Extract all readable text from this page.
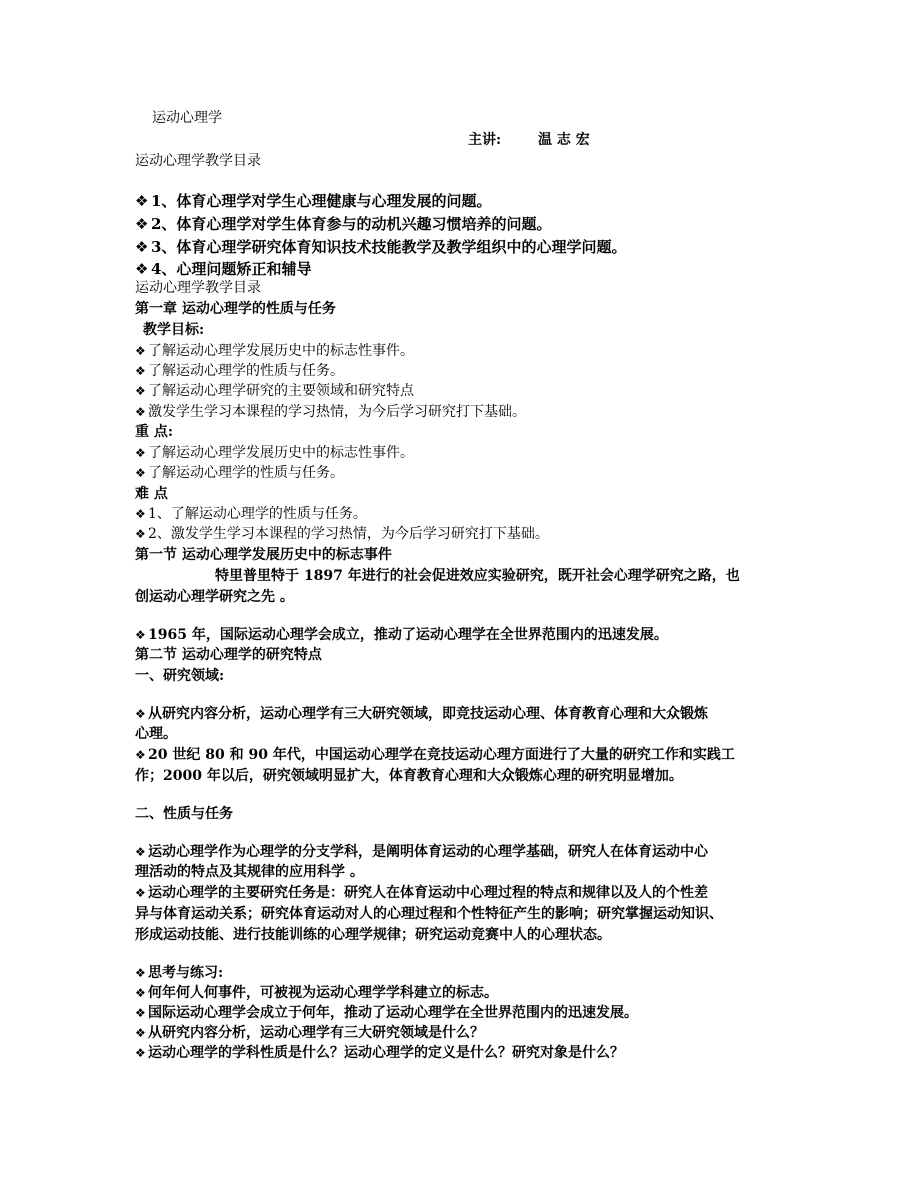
运动心理学
主讲:	温 志 宏
运动心理学教学目录
❖ 1、体育心理学对学生心理健康与心理发展的问题。
❖ 2、体育心理学对学生体育参与的动机兴趣习惯培养的问题。
❖ 3、体育心理学研究体育知识技术技能教学及教学组织中的心理学问题。
❖ 4、心理问题矫正和辅导
运动心理学教学目录
第一章 运动心理学的性质与任务
教学目标:
❖ 了解运动心理学发展历史中的标志性事件。
❖ 了解运动心理学的性质与任务。
❖ 了解运动心理学研究的主要领域和研究特点
❖ 激发学生学习本课程的学习热情，为今后学习研究打下基础。
重 点:
❖ 了解运动心理学发展历史中的标志性事件。
❖ 了解运动心理学的性质与任务。
难 点
❖ 1、了解运动心理学的性质与任务。
❖ 2、激发学生学习本课程的学习热情，为今后学习研究打下基础。
第一节 运动心理学发展历史中的标志事件
特里普里特于 1897 年进行的社会促进效应实验研究，既开社会心理学研究之路，也
创运动心理学研究之先 。
❖ 1965 年，国际运动心理学会成立，推动了运动心理学在全世界范围内的迅速发展。
第二节 运动心理学的研究特点
一、研究领域:
❖ 从研究内容分析，运动心理学有三大研究领域，即竞技运动心理、体育教育心理和大众锻炼
心理。
❖ 20 世纪 80 和 90 年代，中国运动心理学在竞技运动心理方面进行了大量的研究工作和实践工
作；2000 年以后，研究领域明显扩大，体育教育心理和大众锻炼心理的研究明显增加。
二、性质与任务
❖ 运动心理学作为心理学的分支学科，是阐明体育运动的心理学基础，研究人在体育运动中心
理活动的特点及其规律的应用科学 。
❖ 运动心理学的主要研究任务是：研究人在体育运动中心理过程的特点和规律以及人的个性差
异与体育运动关系；研究体育运动对人的心理过程和个性特征产生的影响；研究掌握运动知识、
形成运动技能、进行技能训练的心理学规律；研究运动竞赛中人的心理状态。
❖ 思考与练习:
❖ 何年何人何事件，可被视为运动心理学学科建立的标志。
❖ 国际运动心理学会成立于何年，推动了运动心理学在全世界范围内的迅速发展。
❖ 从研究内容分析，运动心理学有三大研究领域是什么？
❖ 运动心理学的学科性质是什么？运动心理学的定义是什么？研究对象是什么？
